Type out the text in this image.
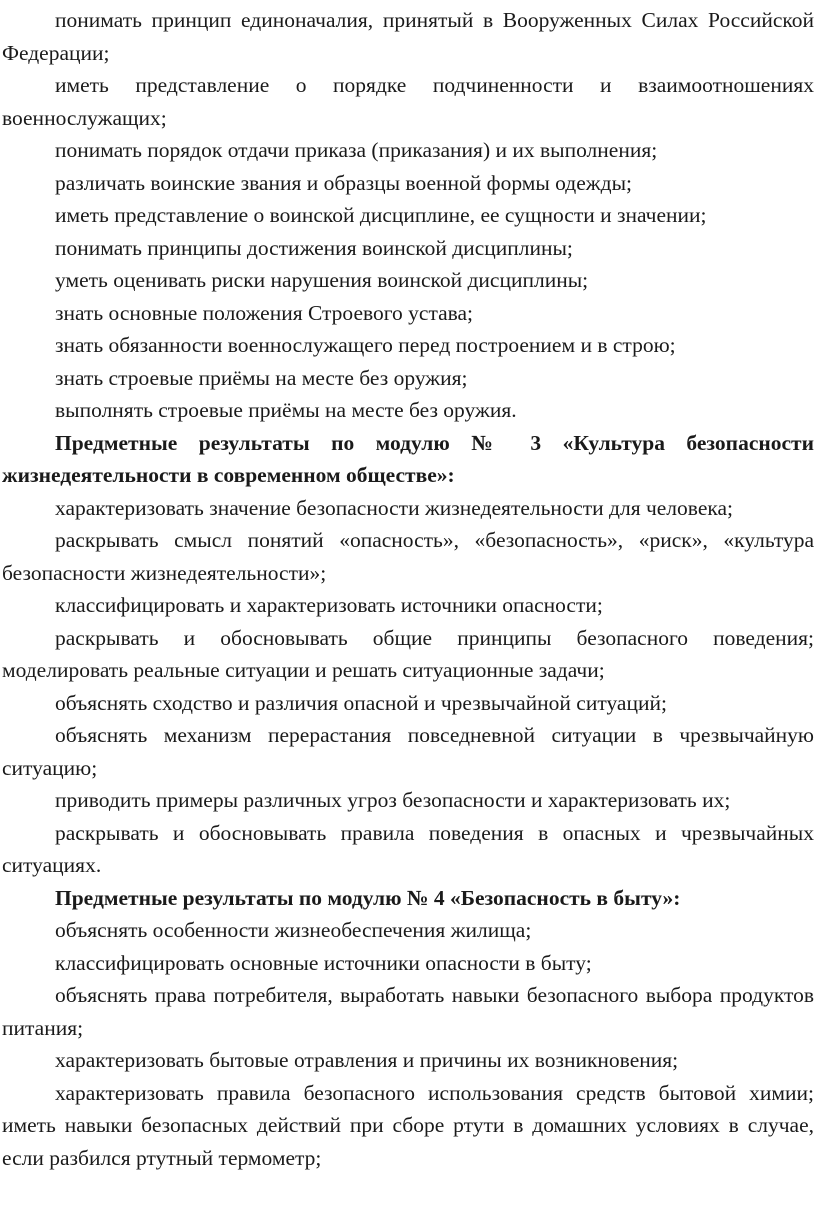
понимать принцип единоначалия, принятый в Вооруженных Силах Российской Федерации;

иметь представление о порядке подчиненности и взаимоотношениях военнослужащих;

понимать порядок отдачи приказа (приказания) и их выполнения;

различать воинские звания и образцы военной формы одежды;

иметь представление о воинской дисциплине, ее сущности и значении;

понимать принципы достижения воинской дисциплины;

уметь оценивать риски нарушения воинской дисциплины;

знать основные положения Строевого устава;

знать обязанности военнослужащего перед построением и в строю;

знать строевые приёмы на месте без оружия;

выполнять строевые приёмы на месте без оружия.

Предметные результаты по модулю № 3 «Культура безопасности жизнедеятельности в современном обществе»:

характеризовать значение безопасности жизнедеятельности для человека;

раскрывать смысл понятий «опасность», «безопасность», «риск», «культура безопасности жизнедеятельности»;

классифицировать и характеризовать источники опасности;

раскрывать и обосновывать общие принципы безопасного поведения; моделировать реальные ситуации и решать ситуационные задачи;

объяснять сходство и различия опасной и чрезвычайной ситуаций;

объяснять механизм перерастания повседневной ситуации в чрезвычайную ситуацию;

приводить примеры различных угроз безопасности и характеризовать их;

раскрывать и обосновывать правила поведения в опасных и чрезвычайных ситуациях.

Предметные результаты по модулю № 4 «Безопасность в быту»:

объяснять особенности жизнеобеспечения жилища;

классифицировать основные источники опасности в быту;

объяснять права потребителя, выработать навыки безопасного выбора продуктов питания;

характеризовать бытовые отравления и причины их возникновения;

характеризовать правила безопасного использования средств бытовой химии; иметь навыки безопасных действий при сборе ртути в домашних условиях в случае, если разбился ртутный термометр;
